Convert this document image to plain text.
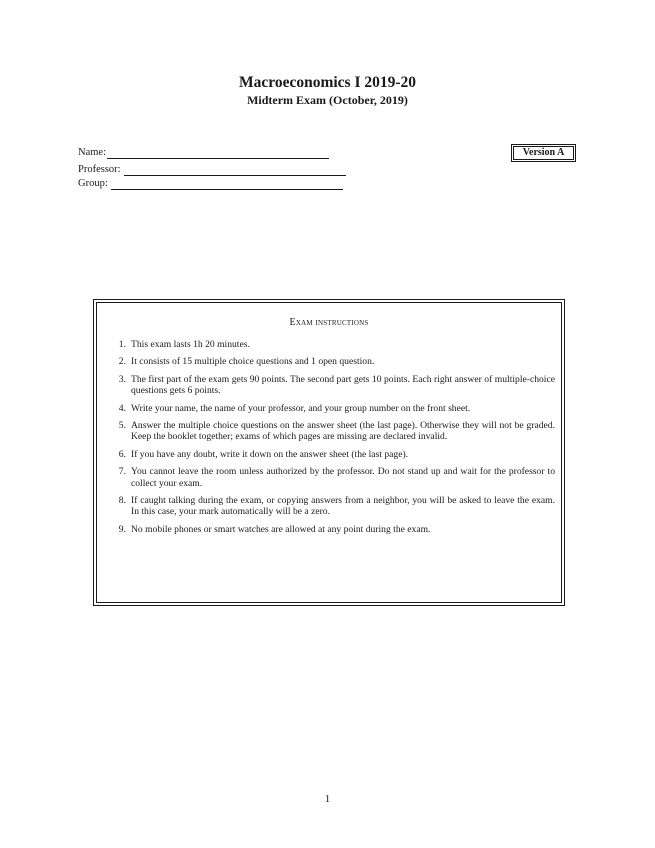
Macroeconomics I 2019-20
Midterm Exam (October, 2019)
Name:
Professor:
Group:
Version A
Exam instructions
1. This exam lasts 1h 20 minutes.
2. It consists of 15 multiple choice questions and 1 open question.
3. The first part of the exam gets 90 points. The second part gets 10 points. Each right answer of multiple-choice questions gets 6 points.
4. Write your name, the name of your professor, and your group number on the front sheet.
5. Answer the multiple choice questions on the answer sheet (the last page). Otherwise they will not be graded. Keep the booklet together; exams of which pages are missing are declared invalid.
6. If you have any doubt, write it down on the answer sheet (the last page).
7. You cannot leave the room unless authorized by the professor. Do not stand up and wait for the professor to collect your exam.
8. If caught talking during the exam, or copying answers from a neighbor, you will be asked to leave the exam. In this case, your mark automatically will be a zero.
9. No mobile phones or smart watches are allowed at any point during the exam.
1
